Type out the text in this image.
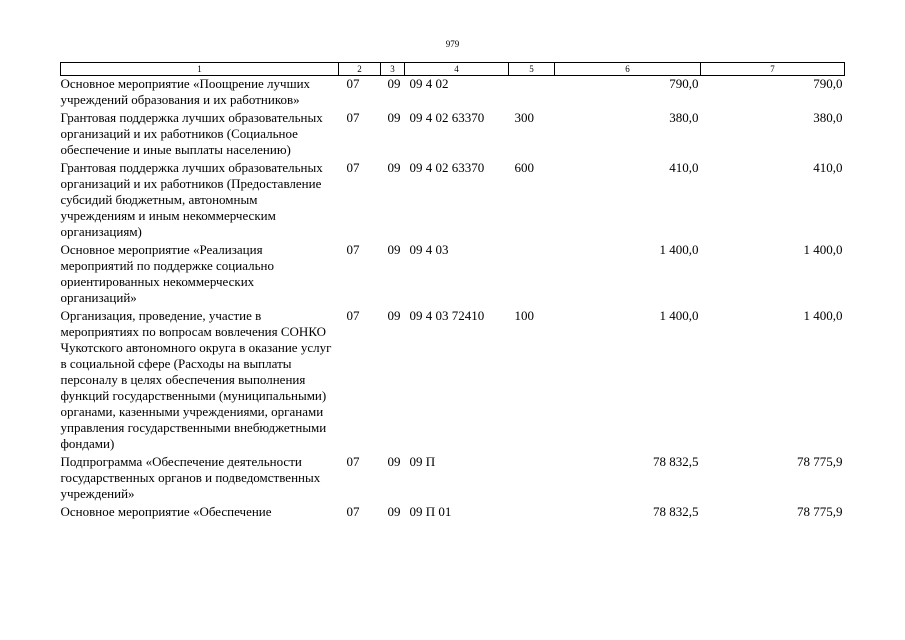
979
1	2	3	4	5	6	7
Основное мероприятие «Поощрение лучших учреждений образования и их работников»	07	09	09 4 02		790,0	790,0
Грантовая поддержка лучших образовательных организаций и их работников (Социальное обеспечение и иные выплаты населению)	07	09	09 4 02 63370	300	380,0	380,0
Грантовая поддержка лучших образовательных организаций и их работников (Предоставление субсидий бюджетным, автономным учреждениям и иным некоммерческим организациям)	07	09	09 4 02 63370	600	410,0	410,0
Основное мероприятие «Реализация мероприятий по поддержке социально ориентированных некоммерческих организаций»	07	09	09 4 03		1 400,0	1 400,0
Организация, проведение, участие в мероприятиях по вопросам вовлечения СОНКО Чукотского автономного округа в оказание услуг в социальной сфере (Расходы на выплаты персоналу в целях обеспечения выполнения функций государственными (муниципальными) органами, казенными учреждениями, органами управления государственными внебюджетными фондами)	07	09	09 4 03 72410	100	1 400,0	1 400,0
Подпрограмма «Обеспечение деятельности государственных органов и подведомственных учреждений»	07	09	09 П		78 832,5	78 775,9
Основное мероприятие «Обеспечение	07	09	09 П 01		78 832,5	78 775,9
